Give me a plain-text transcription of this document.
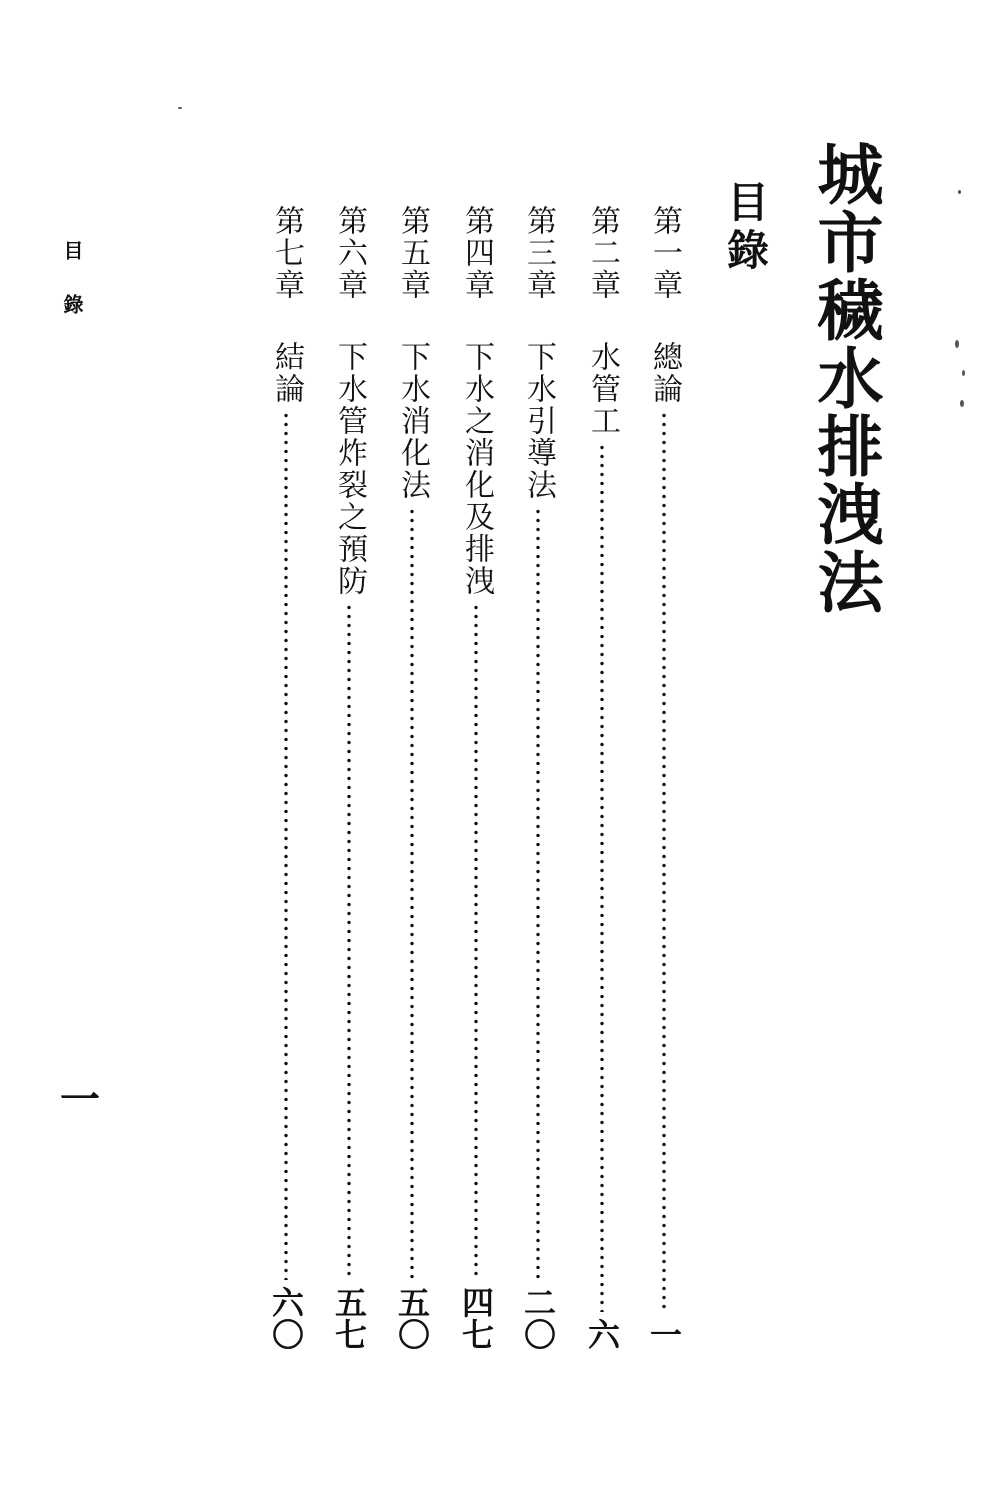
城市穢水排洩法
目錄
第一章
總論
一
第二章
水管工
六
第三章
下水引導法
二〇
第四章
下水之消化及排洩
四七
第五章
下水消化法
五〇
第六章
下水管炸裂之預防
五七
第七章
結論
六〇
目錄
一
